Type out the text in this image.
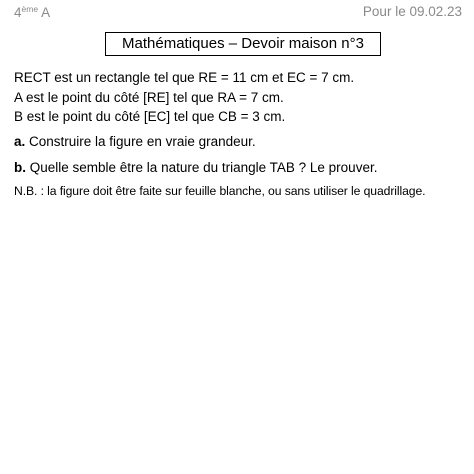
4ème A	Pour le 09.02.23
Mathématiques – Devoir maison n°3
RECT est un rectangle tel que RE = 11 cm et EC = 7 cm.
A est le point du côté [RE] tel que RA = 7 cm.
B est le point du côté [EC] tel que CB = 3 cm.
a. Construire la figure en vraie grandeur.
b. Quelle semble être la nature du triangle TAB ? Le prouver.
N.B. : la figure doit être faite sur feuille blanche, ou sans utiliser le quadrillage.
